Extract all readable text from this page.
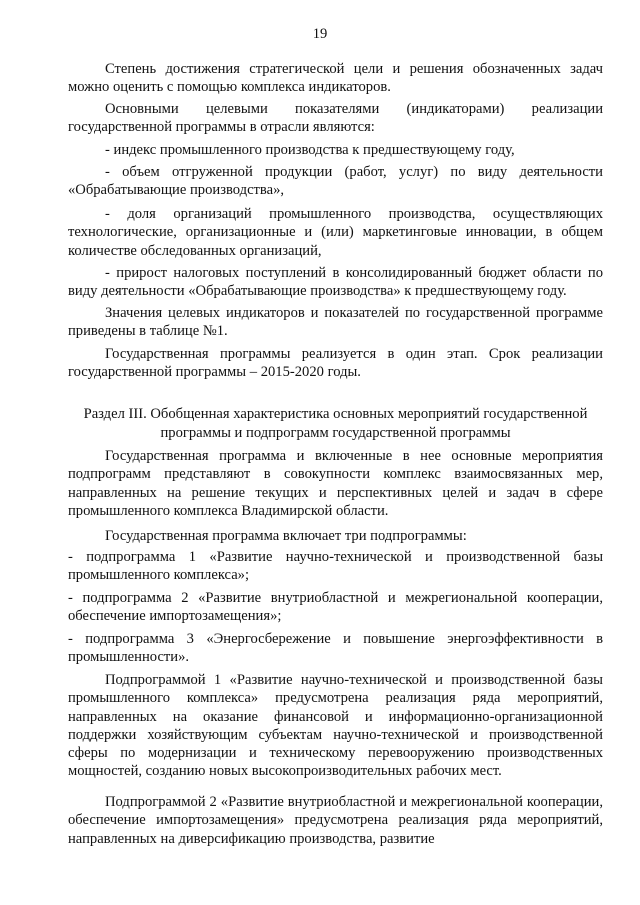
19

Степень достижения стратегической цели и решения обозначенных задач можно оценить с помощью комплекса индикаторов.

Основными целевыми показателями (индикаторами) реализации государственной программы в отрасли являются:

- индекс промышленного производства к предшествующему году,

- объем отгруженной продукции (работ, услуг) по виду деятельности «Обрабатывающие производства»,

- доля организаций промышленного производства, осуществляющих технологические, организационные и (или) маркетинговые инновации, в общем количестве обследованных организаций,

- прирост налоговых поступлений в консолидированный бюджет области по виду деятельности «Обрабатывающие производства» к предшествующему году.

Значения целевых индикаторов и показателей по государственной программе приведены в таблице №1.

Государственная программы реализуется в один этап. Срок реализации государственной программы – 2015-2020 годы.

Раздел III. Обобщенная характеристика основных мероприятий государственной программы и подпрограмм государственной программы

Государственная программа и включенные в нее основные мероприятия подпрограмм представляют в совокупности комплекс взаимосвязанных мер, направленных на решение текущих и перспективных целей и задач в сфере промышленного комплекса Владимирской области.

Государственная программа включает три подпрограммы:

- подпрограмма 1 «Развитие научно-технической и производственной базы промышленного комплекса»;

- подпрограмма 2 «Развитие внутриобластной и межрегиональной кооперации, обеспечение импортозамещения»;

- подпрограмма 3 «Энергосбережение и повышение энергоэффективности в промышленности».

Подпрограммой 1 «Развитие научно-технической и производственной базы промышленного комплекса» предусмотрена реализация ряда мероприятий, направленных на оказание финансовой и информационно-организационной поддержки хозяйствующим субъектам научно-технической и производственной сферы по модернизации и техническому перевооружению производственных мощностей, созданию новых высокопроизводительных рабочих мест.

Подпрограммой 2 «Развитие внутриобластной и межрегиональной кооперации, обеспечение импортозамещения» предусмотрена реализация ряда мероприятий, направленных на диверсификацию производства, развитие
